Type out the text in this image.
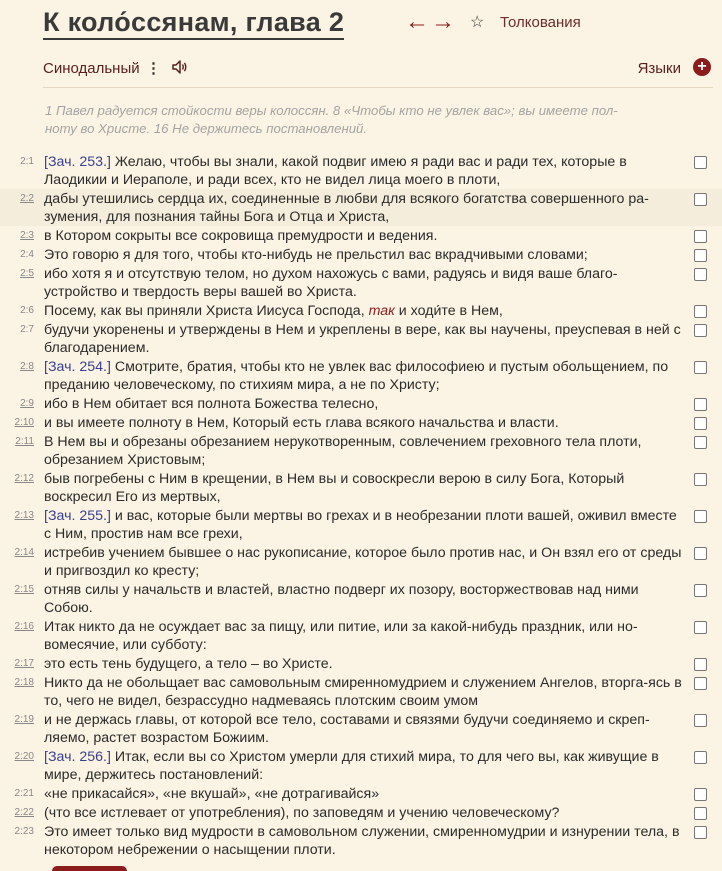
К коло́ссянам, глава 2	← → ☆ Толкования
Синодальный ⋮	Языки +
1 Павел радуется стойкости веры колоссян. 8 «Чтобы кто не увлек вас»; вы имеете пол-ноту во Христе. 16 Не держитесь постановлений.
2:1 [Зач. 253.] Желаю, чтобы вы знали, какой подвиг имею я ради вас и ради тех, которые в Лаодикии и Иераполе, и ради всех, кто не видел лица моего в плоти,
2:2 дабы утешились сердца их, соединенные в любви для всякого богатства совершенного ра-зумения, для познания тайны Бога и Отца и Христа,
2:3 в Котором сокрыты все сокровища премудрости и ведения.
2:4 Это говорю я для того, чтобы кто-нибудь не прельстил вас вкрадчивыми словами;
2:5 ибо хотя я и отсутствую телом, но духом нахожусь с вами, радуясь и видя ваше благо-устройство и твердость веры вашей во Христа.
2:6 Посему, как вы приняли Христа Иисуса Господа, так и ходи́те в Нем,
2:7 будучи укоренены и утверждены в Нем и укреплены в вере, как вы научены, преуспевая в ней с благодарением.
2:8 [Зач. 254.] Смотрите, братия, чтобы кто не увлек вас философиею и пустым обольщением, по преданию человеческому, по стихиям мира, а не по Христу;
2:9 ибо в Нем обитает вся полнота Божества телесно,
2:10 и вы имеете полноту в Нем, Который есть глава всякого начальства и власти.
2:11 В Нем вы и обрезаны обрезанием нерукотворенным, совлечением греховного тела плоти, обрезанием Христовым;
2:12 быв погребены с Ним в крещении, в Нем вы и совоскресли верою в силу Бога, Который воскресил Его из мертвых,
2:13 [Зач. 255.] и вас, которые были мертвы во грехах и в необрезании плоти вашей, оживил вместе с Ним, простив нам все грехи,
2:14 истребив учением бывшее о нас рукописание, которое было против нас, и Он взял его от среды и пригвоздил ко кресту;
2:15 отняв силы у начальств и властей, властно подверг их позору, восторжествовав над ними Собою.
2:16 Итак никто да не осуждает вас за пищу, или питие, или за какой-нибудь праздник, или но-вомесячие, или субботу:
2:17 это есть тень будущего, а тело – во Христе.
2:18 Никто да не обольщает вас самовольным смиренномудрием и служением Ангелов, вторга-ясь в то, чего не видел, безрассудно надмеваясь плотским своим умом
2:19 и не держась главы, от которой все тело, составами и связями будучи соединяемо и скреп-ляемо, растет возрастом Божиим.
2:20 [Зач. 256.] Итак, если вы со Христом умерли для стихий мира, то для чего вы, как живущие в мире, держитесь постановлений:
2:21 «не прикасайся», «не вкушай», «не дотрагивайся»
2:22 (что все истлевает от употребления), по заповедям и учению человеческому?
2:23 Это имеет только вид мудрости в самовольном служении, смиренномудрии и изнурении тела, в некотором небрежении о насыщении плоти.
